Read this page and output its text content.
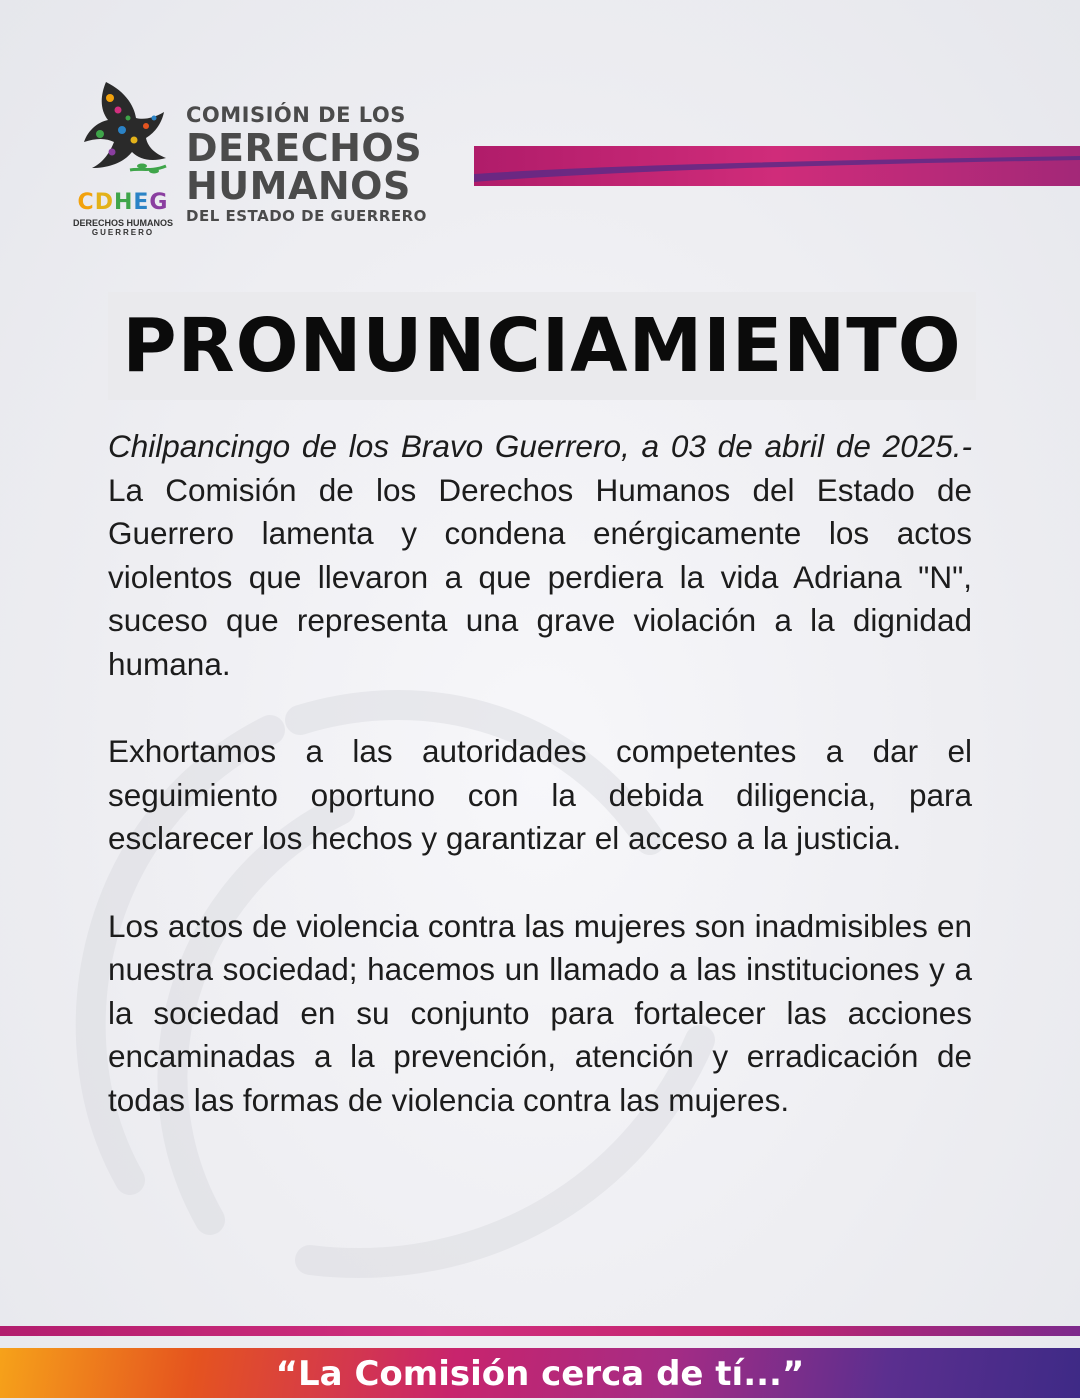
CDHEG
DERECHOS HUMANOS
GUERRERO
COMISIÓN DE LOS
DERECHOS
HUMANOS
DEL ESTADO DE GUERRERO
PRONUNCIAMIENTO

Chilpancingo de los Bravo Guerrero, a 03 de abril de 2025.- La Comisión de los Derechos Humanos del Estado de Guerrero lamenta y condena enérgicamente los actos violentos que llevaron a que perdiera la vida Adriana "N", suceso que representa una grave violación a la dignidad humana.

Exhortamos a las autoridades competentes a dar el seguimiento oportuno con la debida diligencia, para esclarecer los hechos y garantizar el acceso a la justicia.

Los actos de violencia contra las mujeres son inadmisibles en nuestra sociedad; hacemos un llamado a las instituciones y a la sociedad en su conjunto para fortalecer las acciones encaminadas a la prevención, atención y erradicación de todas las formas de violencia contra las mujeres.

“La Comisión cerca de tí...”
